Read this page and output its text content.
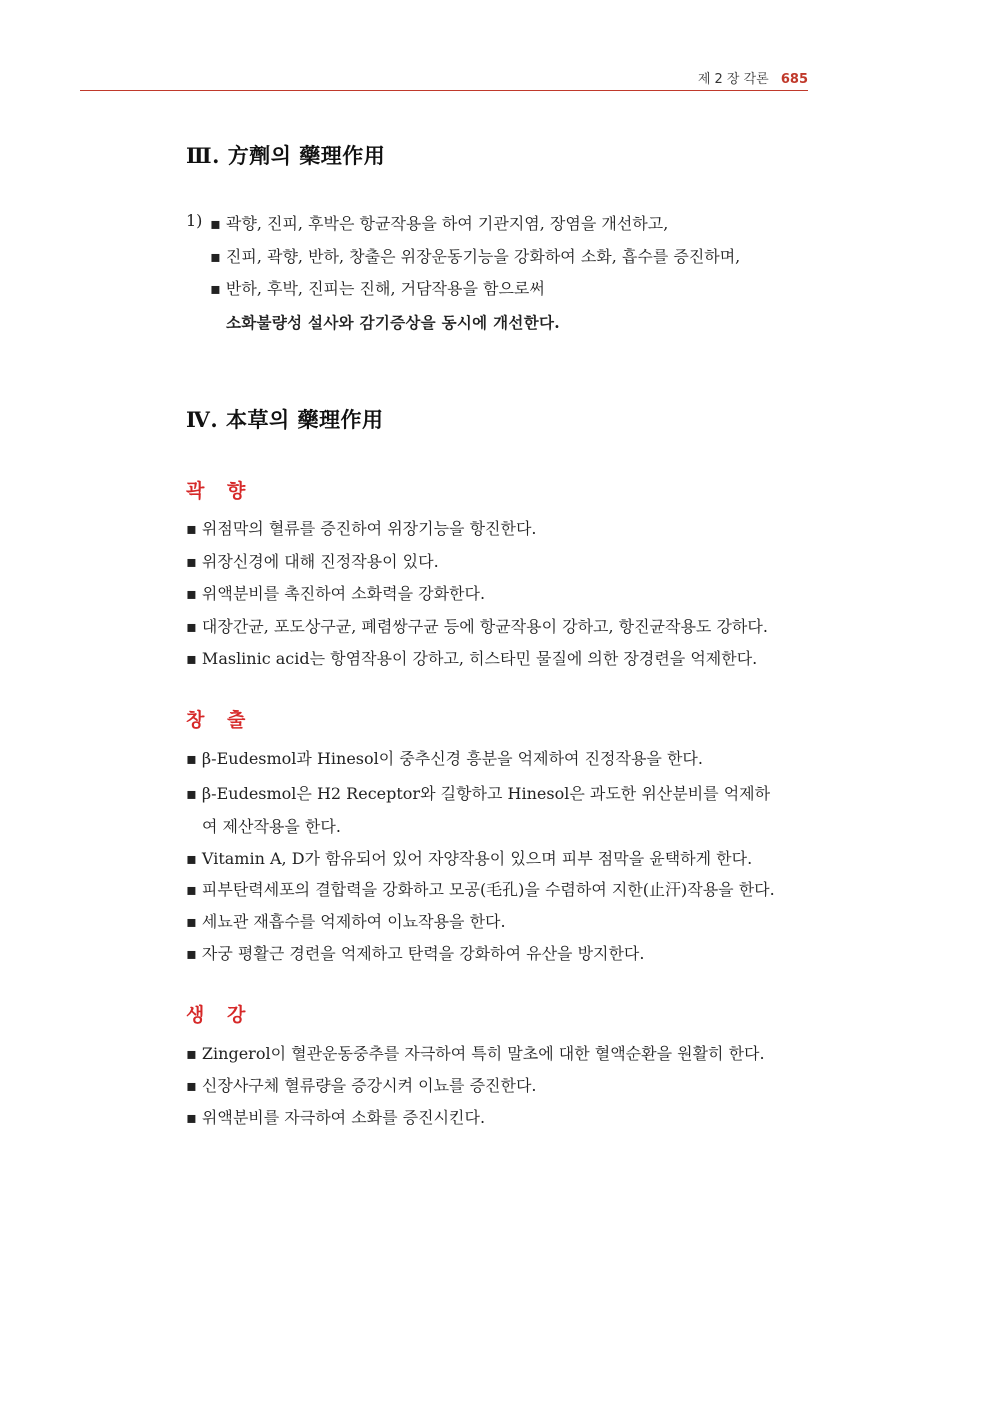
제 2 장 각론 685
Ⅲ. 方劑의 藥理作用
1) ▪ 곽향, 진피, 후박은 항균작용을 하여 기관지염, 장염을 개선하고,
▪ 진피, 곽향, 반하, 창출은 위장운동기능을 강화하여 소화, 흡수를 증진하며,
▪ 반하, 후박, 진피는 진해, 거담작용을 함으로써
소화불량성 설사와 감기증상을 동시에 개선한다.
Ⅳ. 本草의 藥理作用
곽 향
▪ 위점막의 혈류를 증진하여 위장기능을 항진한다.
▪ 위장신경에 대해 진정작용이 있다.
▪ 위액분비를 촉진하여 소화력을 강화한다.
▪ 대장간균, 포도상구균, 폐렴쌍구균 등에 항균작용이 강하고, 항진균작용도 강하다.
▪ Maslinic acid는 항염작용이 강하고, 히스타민 물질에 의한 장경련을 억제한다.
창 출
▪ β-Eudesmol과 Hinesol이 중추신경 흥분을 억제하여 진정작용을 한다.
▪ β-Eudesmol은 H2 Receptor와 길항하고 Hinesol은 과도한 위산분비를 억제하
여 제산작용을 한다.
▪ Vitamin A, D가 함유되어 있어 자양작용이 있으며 피부 점막을 윤택하게 한다.
▪ 피부탄력세포의 결합력을 강화하고 모공(毛孔)을 수렴하여 지한(止汗)작용을 한다.
▪ 세뇨관 재흡수를 억제하여 이뇨작용을 한다.
▪ 자궁 평활근 경련을 억제하고 탄력을 강화하여 유산을 방지한다.
생 강
▪ Zingerol이 혈관운동중추를 자극하여 특히 말초에 대한 혈액순환을 원활히 한다.
▪ 신장사구체 혈류량을 증강시켜 이뇨를 증진한다.
▪ 위액분비를 자극하여 소화를 증진시킨다.
